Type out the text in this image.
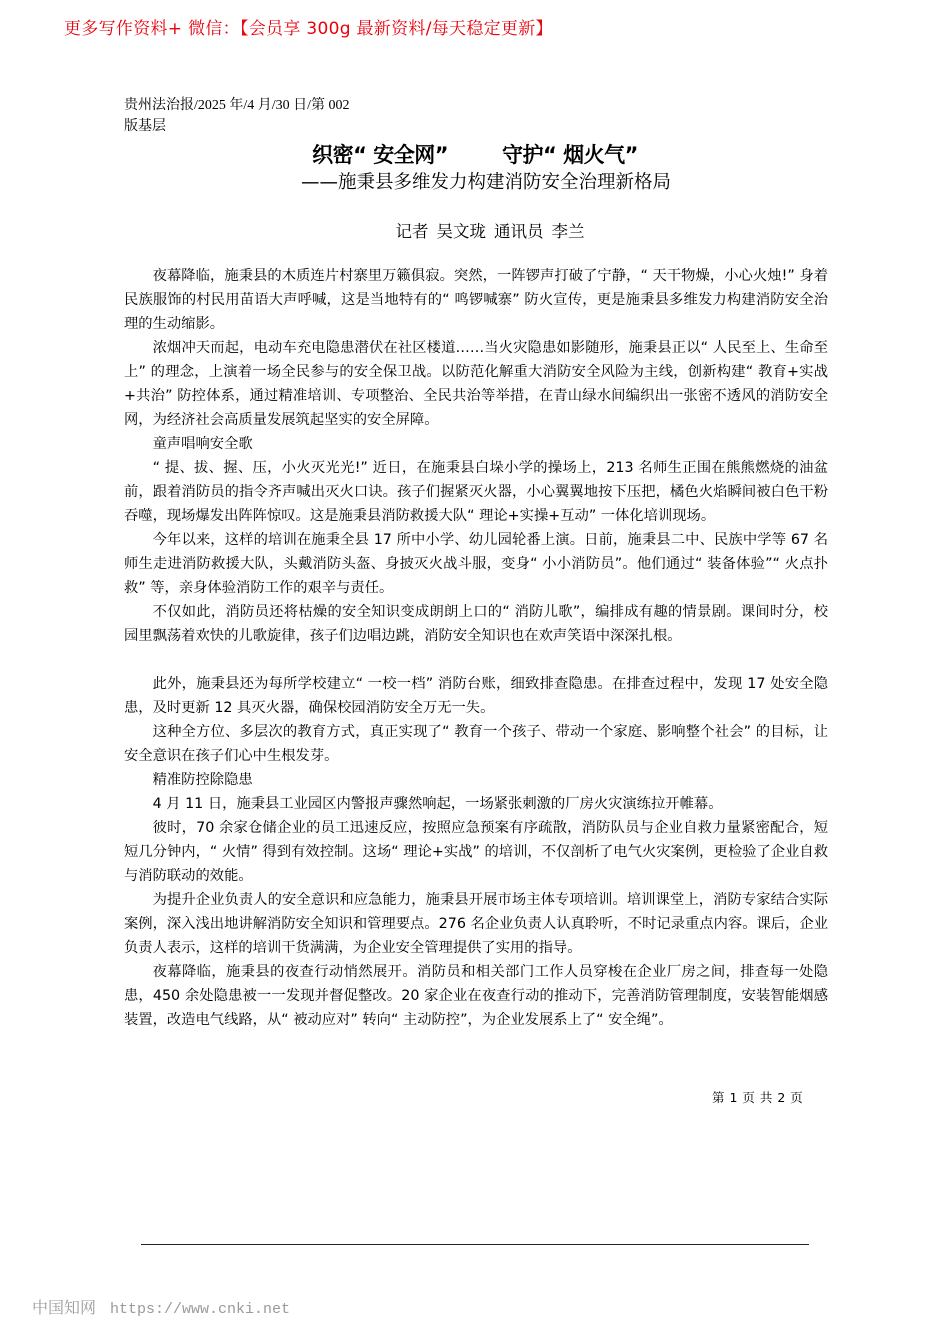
更多写作资料+ 微信：【会员享 300g 最新资料/每天稳定更新】
贵州法治报/2025 年/4 月/30 日/第 002
版基层
织密“ 安全网”	守护“ 烟火气”
——施秉县多维发力构建消防安全治理新格局
记者 吴文珑 通讯员 李兰

夜幕降临，施秉县的木质连片村寨里万籁俱寂。突然，一阵锣声打破了宁静，“ 天干物燥，小心火烛!” 身着民族服饰的村民用苗语大声呼喊，这是当地特有的“ 鸣锣喊寨” 防火宣传，更是施秉县多维发力构建消防安全治理的生动缩影。

浓烟冲天而起，电动车充电隐患潜伏在社区楼道……当火灾隐患如影随形，施秉县正以“ 人民至上、生命至上” 的理念，上演着一场全民参与的安全保卫战。以防范化解重大消防安全风险为主线，创新构建“ 教育+实战+共治” 防控体系，通过精准培训、专项整治、全民共治等举措，在青山绿水间编织出一张密不透风的消防安全网，为经济社会高质量发展筑起坚实的安全屏障。

童声唱响安全歌

“ 提、拔、握、压，小火灭光光!” 近日，在施秉县白垛小学的操场上，213 名师生正围在熊熊燃烧的油盆前，跟着消防员的指令齐声喊出灭火口诀。孩子们握紧灭火器，小心翼翼地按下压把，橘色火焰瞬间被白色干粉吞噬，现场爆发出阵阵惊叹。这是施秉县消防救援大队“ 理论+实操+互动” 一体化培训现场。

今年以来，这样的培训在施秉全县 17 所中小学、幼儿园轮番上演。日前，施秉县二中、民族中学等 67 名师生走进消防救援大队，头戴消防头盔、身披灭火战斗服，变身“ 小小消防员”。他们通过“ 装备体验”“ 火点扑救” 等，亲身体验消防工作的艰辛与责任。

不仅如此，消防员还将枯燥的安全知识变成朗朗上口的“ 消防儿歌”，编排成有趣的情景剧。课间时分，校园里飘荡着欢快的儿歌旋律，孩子们边唱边跳，消防安全知识也在欢声笑语中深深扎根。

此外，施秉县还为每所学校建立“ 一校一档” 消防台账，细致排查隐患。在排查过程中，发现 17 处安全隐患，及时更新 12 具灭火器，确保校园消防安全万无一失。

这种全方位、多层次的教育方式，真正实现了“ 教育一个孩子、带动一个家庭、影响整个社会” 的目标，让安全意识在孩子们心中生根发芽。

精准防控除隐患

4 月 11 日，施秉县工业园区内警报声骤然响起，一场紧张刺激的厂房火灾演练拉开帷幕。

彼时，70 余家仓储企业的员工迅速反应，按照应急预案有序疏散，消防队员与企业自救力量紧密配合，短短几分钟内，“ 火情” 得到有效控制。这场“ 理论+实战” 的培训，不仅剖析了电气火灾案例，更检验了企业自救与消防联动的效能。

为提升企业负责人的安全意识和应急能力，施秉县开展市场主体专项培训。培训课堂上，消防专家结合实际案例，深入浅出地讲解消防安全知识和管理要点。276 名企业负责人认真聆听，不时记录重点内容。课后，企业负责人表示，这样的培训干货满满，为企业安全管理提供了实用的指导。

夜幕降临，施秉县的夜查行动悄然展开。消防员和相关部门工作人员穿梭在企业厂房之间，排查每一处隐患，450 余处隐患被一一发现并督促整改。20 家企业在夜查行动的推动下，完善消防管理制度，安装智能烟感装置，改造电气线路，从“ 被动应对” 转向“ 主动防控”，为企业发展系上了“ 安全绳”。

第 1 页 共 2 页
中国知网 https://www.cnki.net
